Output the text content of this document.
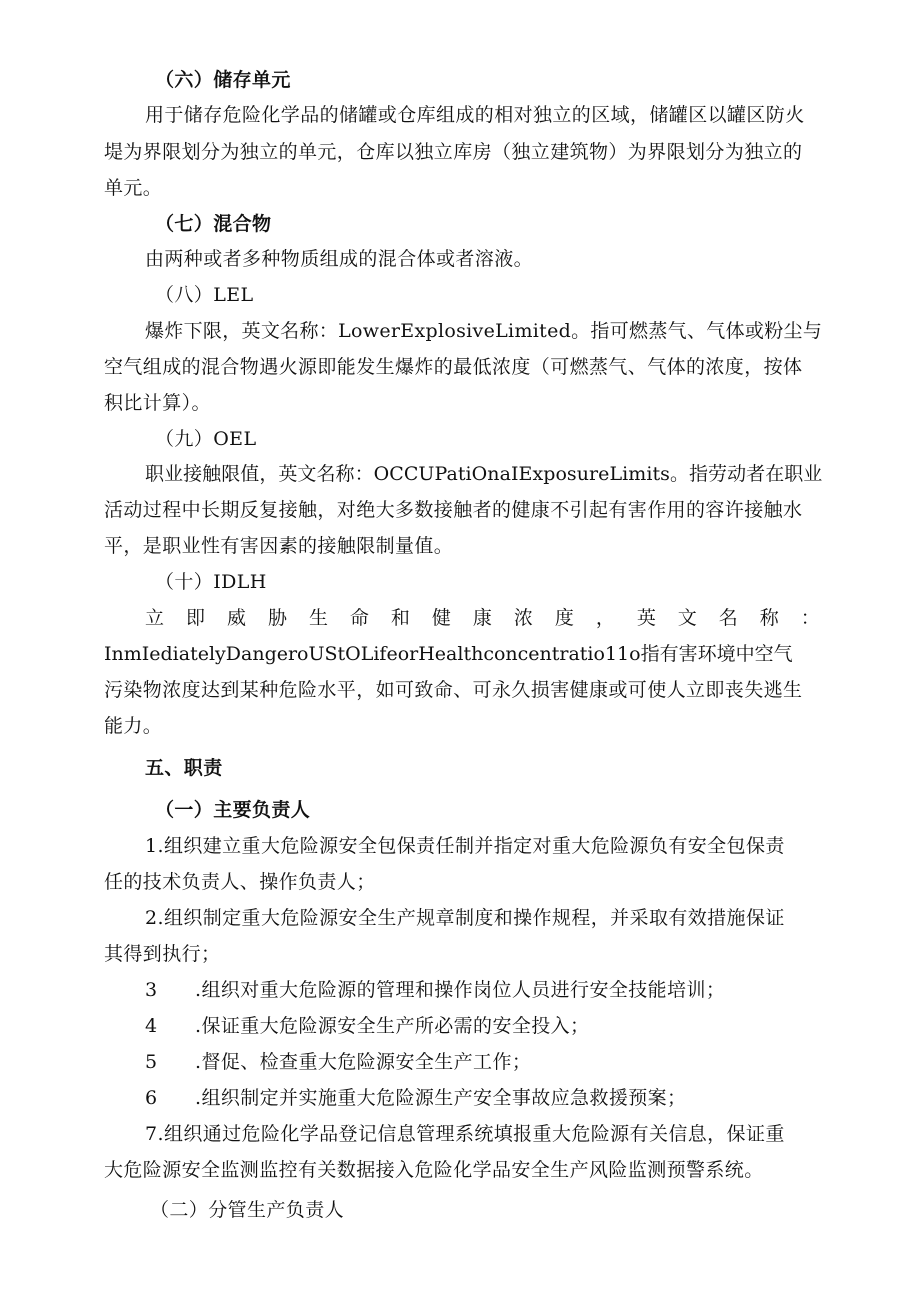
（六）储存单元
用于储存危险化学品的储罐或仓库组成的相对独立的区域，储罐区以罐区防火
堤为界限划分为独立的单元，仓库以独立库房（独立建筑物）为界限划分为独立的
单元。
（七）混合物
由两种或者多种物质组成的混合体或者溶液。
（八）LEL
爆炸下限，英文名称：LowerExplosiveLimited。指可燃蒸气、气体或粉尘与
空气组成的混合物遇火源即能发生爆炸的最低浓度（可燃蒸气、气体的浓度，按体
积比计算）。
（九）OEL
职业接触限值，英文名称：OCCUPatiOnaIExposureLimits。指劳动者在职业
活动过程中长期反复接触，对绝大多数接触者的健康不引起有害作用的容许接触水
平，是职业性有害因素的接触限制量值。
（十）IDLH
立 即 威 胁 生 命 和 健 康 浓 度 ， 英 文 名 称 ：
InmIediatelyDangeroUStOLifeorHealthconcentratio11o指有害环境中空气
污染物浓度达到某种危险水平，如可致命、可永久损害健康或可使人立即丧失逃生
能力。
五、职责
（一）主要负责人
1.组织建立重大危险源安全包保责任制并指定对重大危险源负有安全包保责
任的技术负责人、操作负责人；
2.组织制定重大危险源安全生产规章制度和操作规程，并采取有效措施保证
其得到执行；
3 .组织对重大危险源的管理和操作岗位人员进行安全技能培训；
4 .保证重大危险源安全生产所必需的安全投入；
5 .督促、检查重大危险源安全生产工作；
6 .组织制定并实施重大危险源生产安全事故应急救援预案；
7.组织通过危险化学品登记信息管理系统填报重大危险源有关信息，保证重
大危险源安全监测监控有关数据接入危险化学品安全生产风险监测预警系统。
（二）分管生产负责人
